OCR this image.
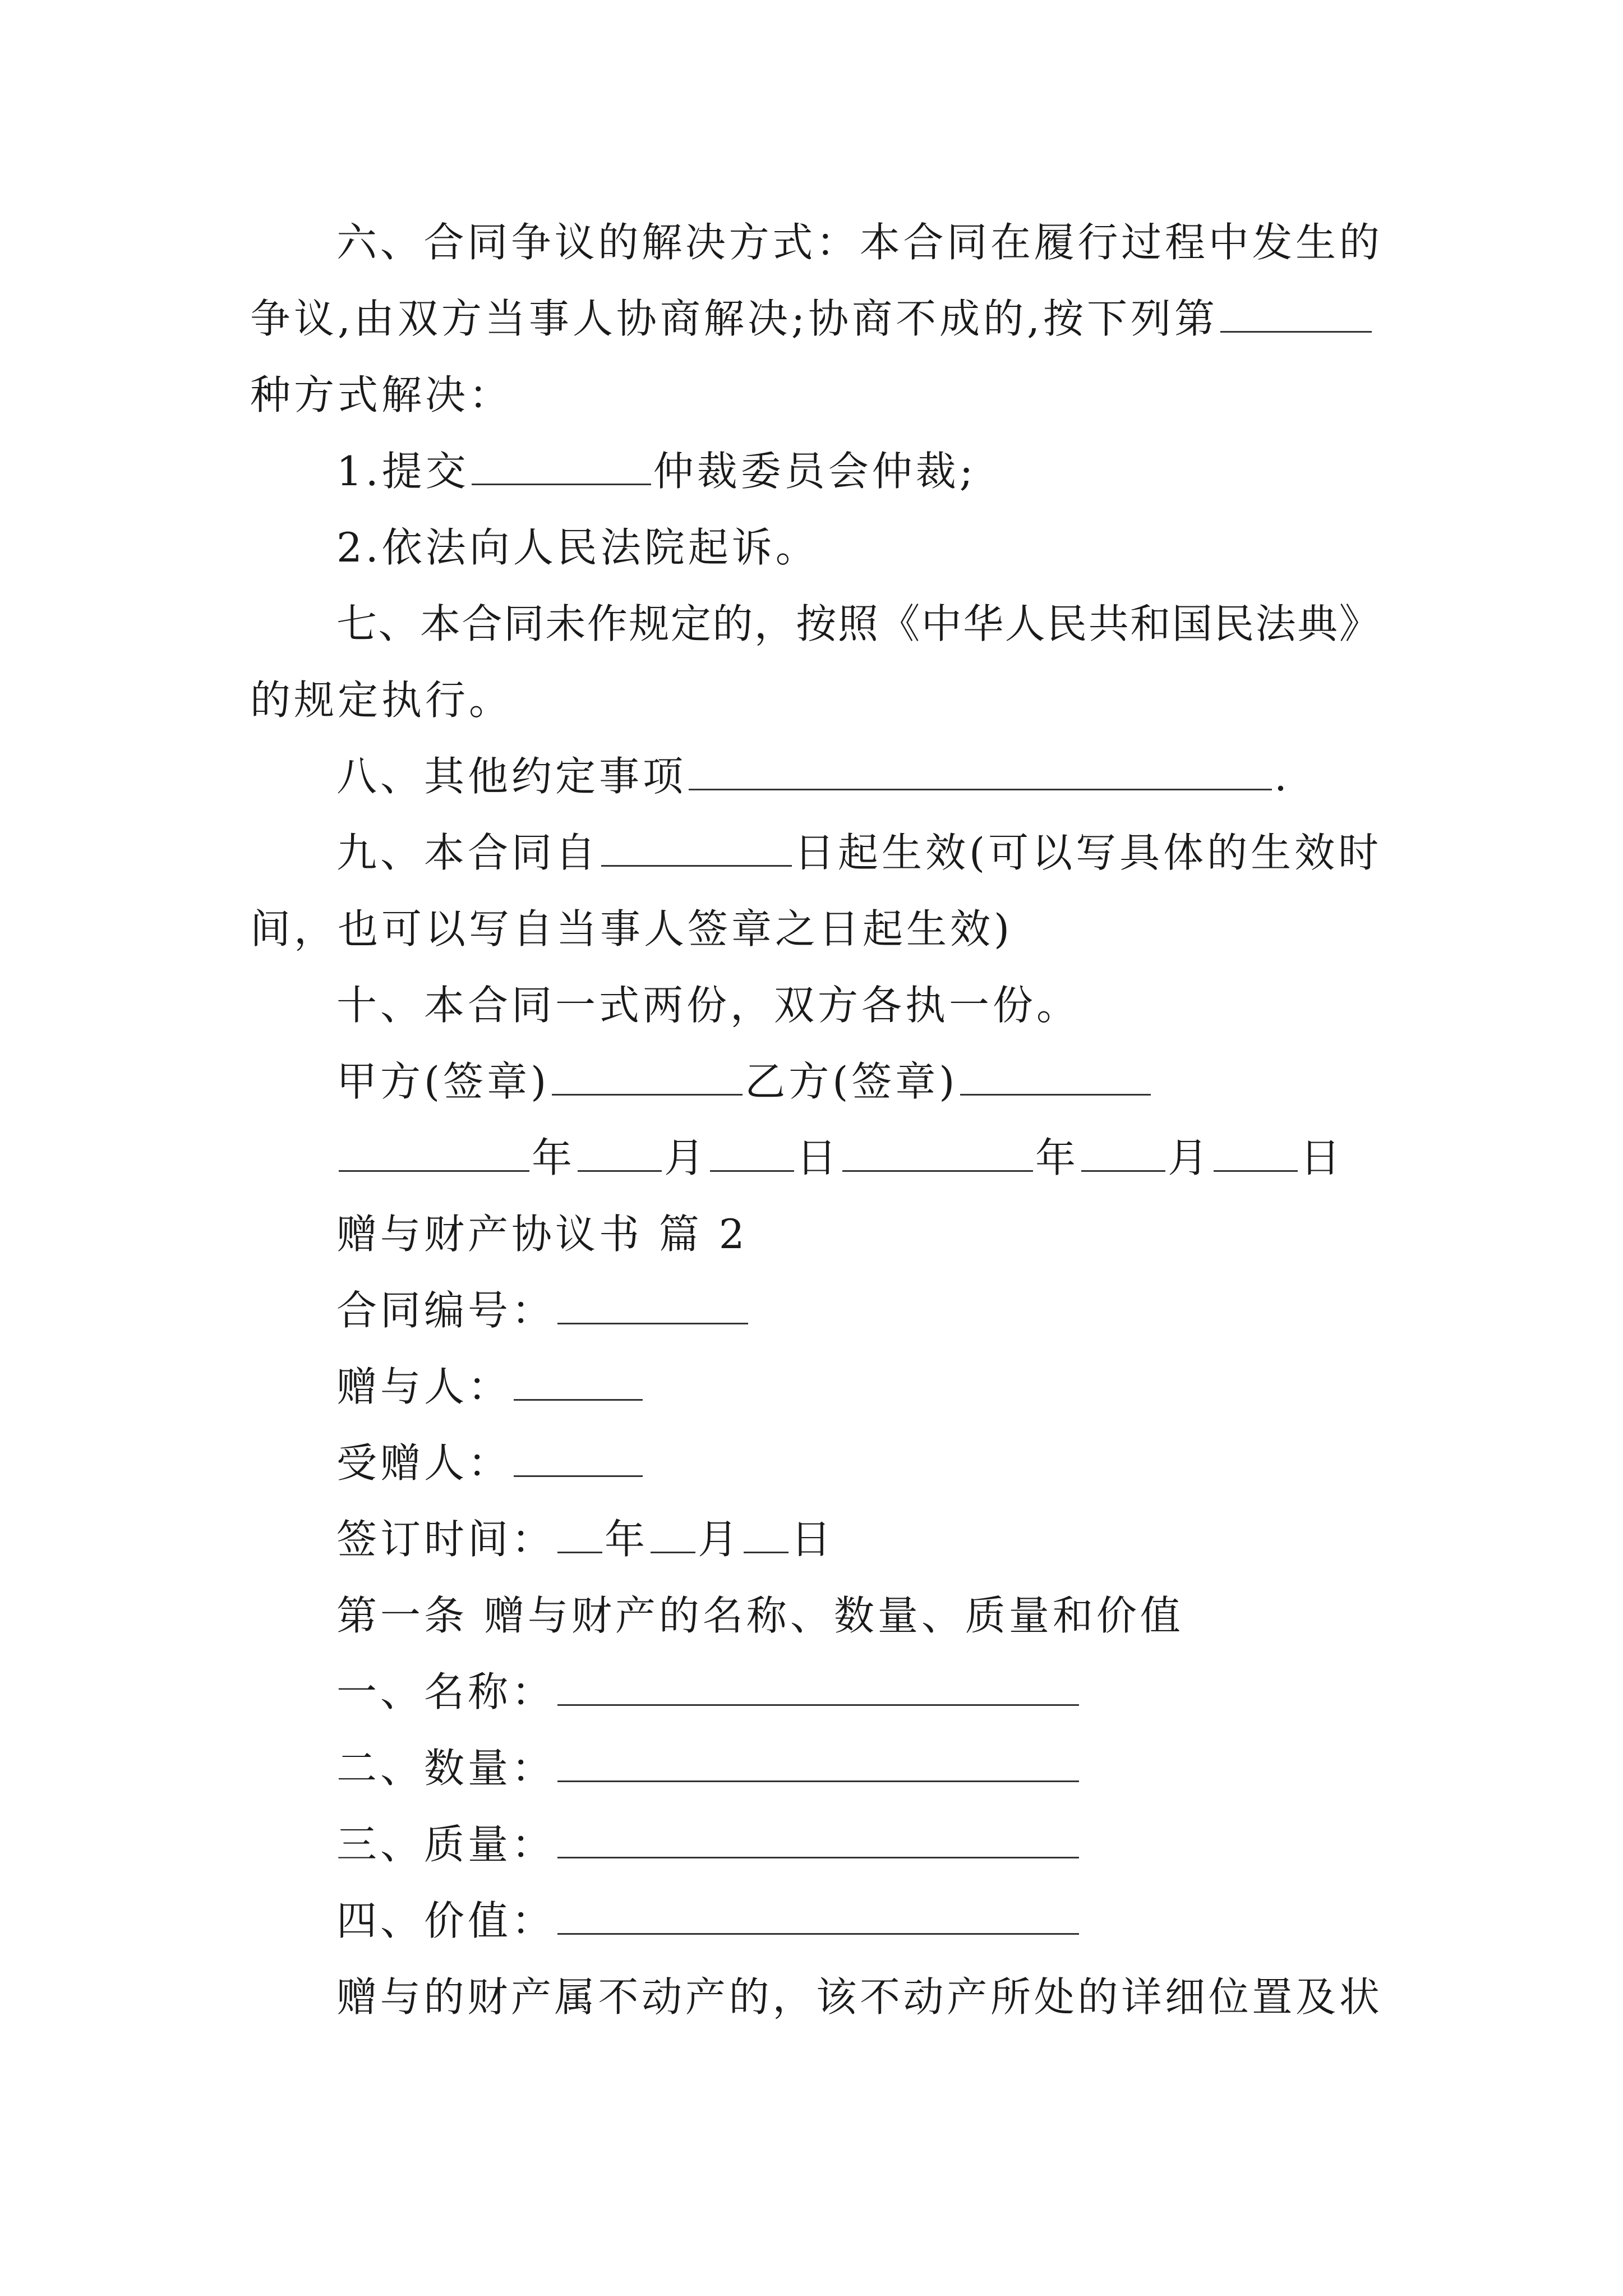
六 、 合 同 争 议 的 解 决 方 式 ： 本 合 同 在 履 行 过 程 中 发 生 的
争议,由双方当事人协商解决;协商不成的,按下列第
种方式解决：
1.提交	仲裁委员会仲裁;
2.依法向人民法院起诉。
七 、 本 合 同 未 作 规 定 的 ， 按 照 《 中 华 人 民 共 和 国 民 法 典 》
的规定执行。
八、其他约定事项	.
九、本合同自	日起生效(可以写具体的生效时
间，也可以写自当事人签章之日起生效)
十、本合同一式两份，双方各执一份。
甲方(签章)	乙方(签章)
年 月 日	年 月 日
赠与财产协议书 篇 2
合同编号：
赠与人：
受赠人：
签订时间： 年 月 日
第一条 赠与财产的名称、数量、质量和价值
一、名称：
二、数量：
三、质量：
四、价值：
赠 与 的 财 产 属 不 动 产 的 ， 该 不 动 产 所 处 的 详 细 位 置 及 状
